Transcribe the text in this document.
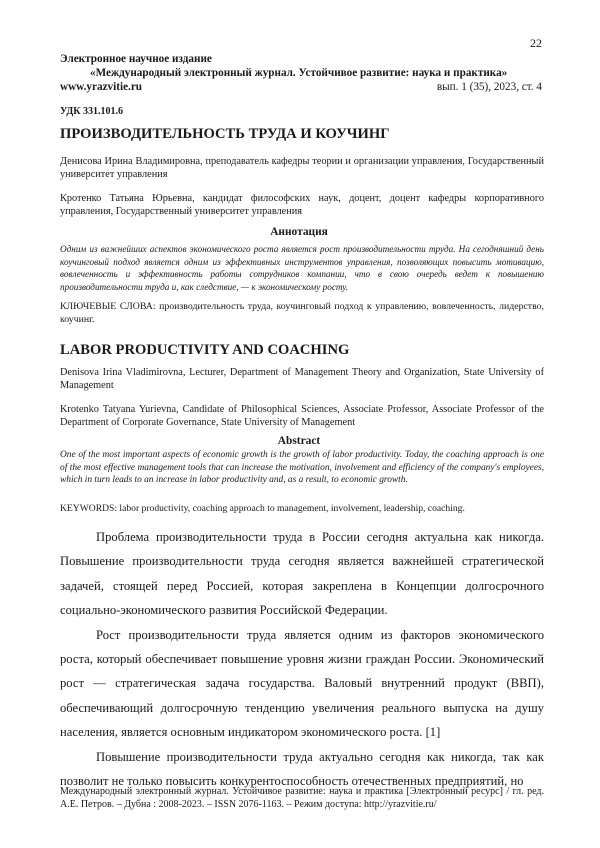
22
Электронное научное издание
«Международный электронный журнал. Устойчивое развитие: наука и практика»
www.yrazvitie.ru	вып. 1 (35), 2023, ст. 4
УДК 331.101.6
ПРОИЗВОДИТЕЛЬНОСТЬ ТРУДА И КОУЧИНГ

Денисова Ирина Владимировна, преподаватель кафедры теории и организации управления, Государственный университет управления

Кротенко Татьяна Юрьевна, кандидат философских наук, доцент, доцент кафедры корпоративного управления, Государственный университет управления

Аннотация
Одним из важнейших аспектов экономического роста является рост производительности труда. На сегодняшний день коучинговый подход является одним из эффективных инструментов управления, позволяющих повысить мотивацию, вовлеченность и эффективность работы сотрудников компании, что в свою очередь ведет к повышению производительности труда и, как следствие, — к экономическому росту.
КЛЮЧЕВЫЕ СЛОВА: производительность труда, коучинговый подход к управлению, вовлеченность, лидерство, коучинг.
LABOR PRODUCTIVITY AND COACHING

Denisova Irina Vladimirovna, Lecturer, Department of Management Theory and Organization, State University of Management

Krotenko Tatyana Yurievna, Candidate of Philosophical Sciences, Associate Professor, Associate Professor of the Department of Corporate Governance, State University of Management

Abstract
One of the most important aspects of economic growth is the growth of labor productivity. Today, the coaching approach is one of the most effective management tools that can increase the motivation, involvement and efficiency of the company's employees, which in turn leads to an increase in labor productivity and, as a result, to economic growth.
KEYWORDS: labor productivity, coaching approach to management, involvement, leadership, coaching.

Проблема производительности труда в России сегодня актуальна как никогда. Повышение производительности труда сегодня является важнейшей стратегической задачей, стоящей перед Россией, которая закреплена в Концепции долгосрочного социально-экономического развития Российской Федерации.

Рост производительности труда является одним из факторов экономического роста, который обеспечивает повышение уровня жизни граждан России. Экономический рост — стратегическая задача государства. Валовый внутренний продукт (ВВП), обеспечивающий долгосрочную тенденцию увеличения реального выпуска на душу населения, является основным индикатором экономического роста. [1]

Повышение производительности труда актуально сегодня как никогда, так как позволит не только повысить конкурентоспособность отечественных предприятий, но

Международный электронный журнал. Устойчивое развитие: наука и практика [Электронный ресурс] / гл. ред. А.Е. Петров. – Дубна : 2008-2023. – ISSN 2076-1163. – Режим доступа: http://yrazvitie.ru/
